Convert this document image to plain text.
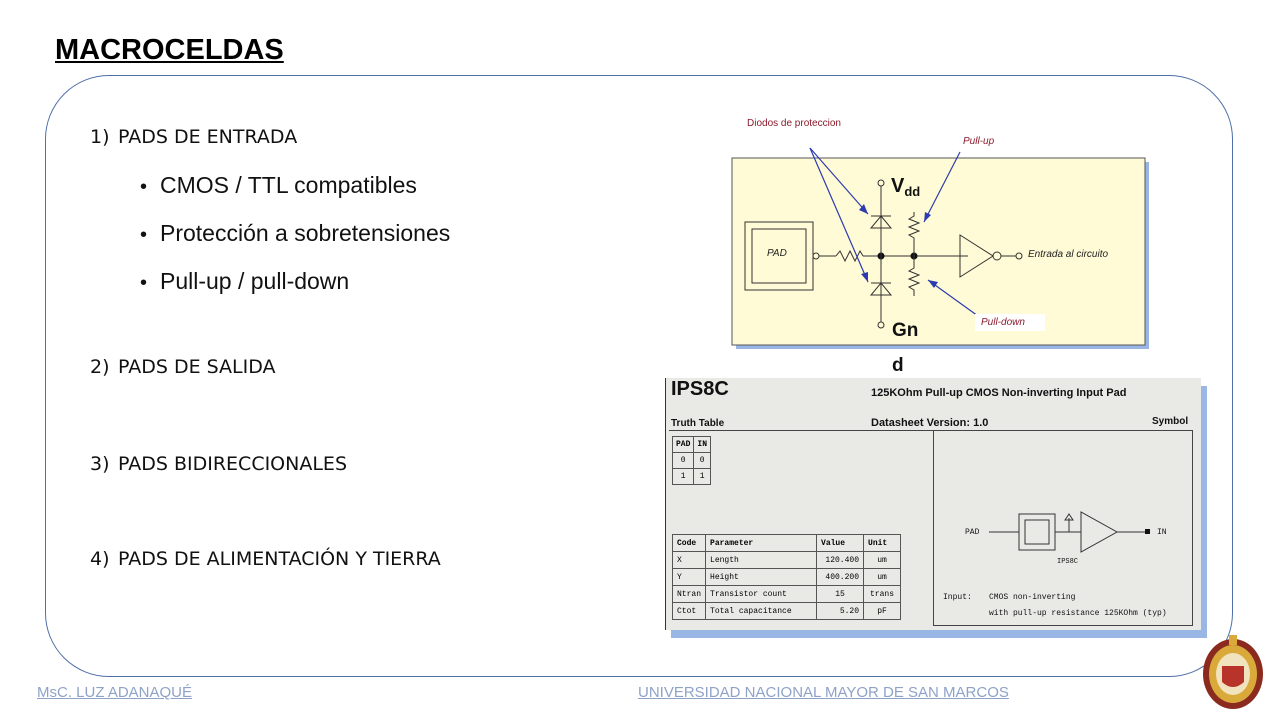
MACROCELDAS
1) PADS DE ENTRADA
2) PADS DE SALIDA
3) PADS BIDIRECCIONALES
4) PADS DE ALIMENTACIÓN Y TIERRA
• CMOS / TTL compatibles
• Protección a sobretensiones
• Pull-up / pull-down
Diodos de proteccion
Pull-up
Pull-down
PAD	Entrada al circuito
$V_{dd}$
Gn
d
IPS8C	125KOhm Pull-up CMOS Non-inverting Input Pad
Datasheet Version: 1.0
Truth Table	Symbol
PAD	IN
0	0
1	1
Code	Parameter	Value	Unit
X	Length	120.400	um
Y	Height	400.200	um
Ntran	Transistor count	15	trans
Ctot	Total capacitance	5.20	pF
PAD	IN
IPS8C
Input: CMOS non-inverting
with pull-up resistance 125KOhm (typ)
MsC. LUZ ADANAQUÉ	UNIVERSIDAD NACIONAL MAYOR DE SAN MARCOS
